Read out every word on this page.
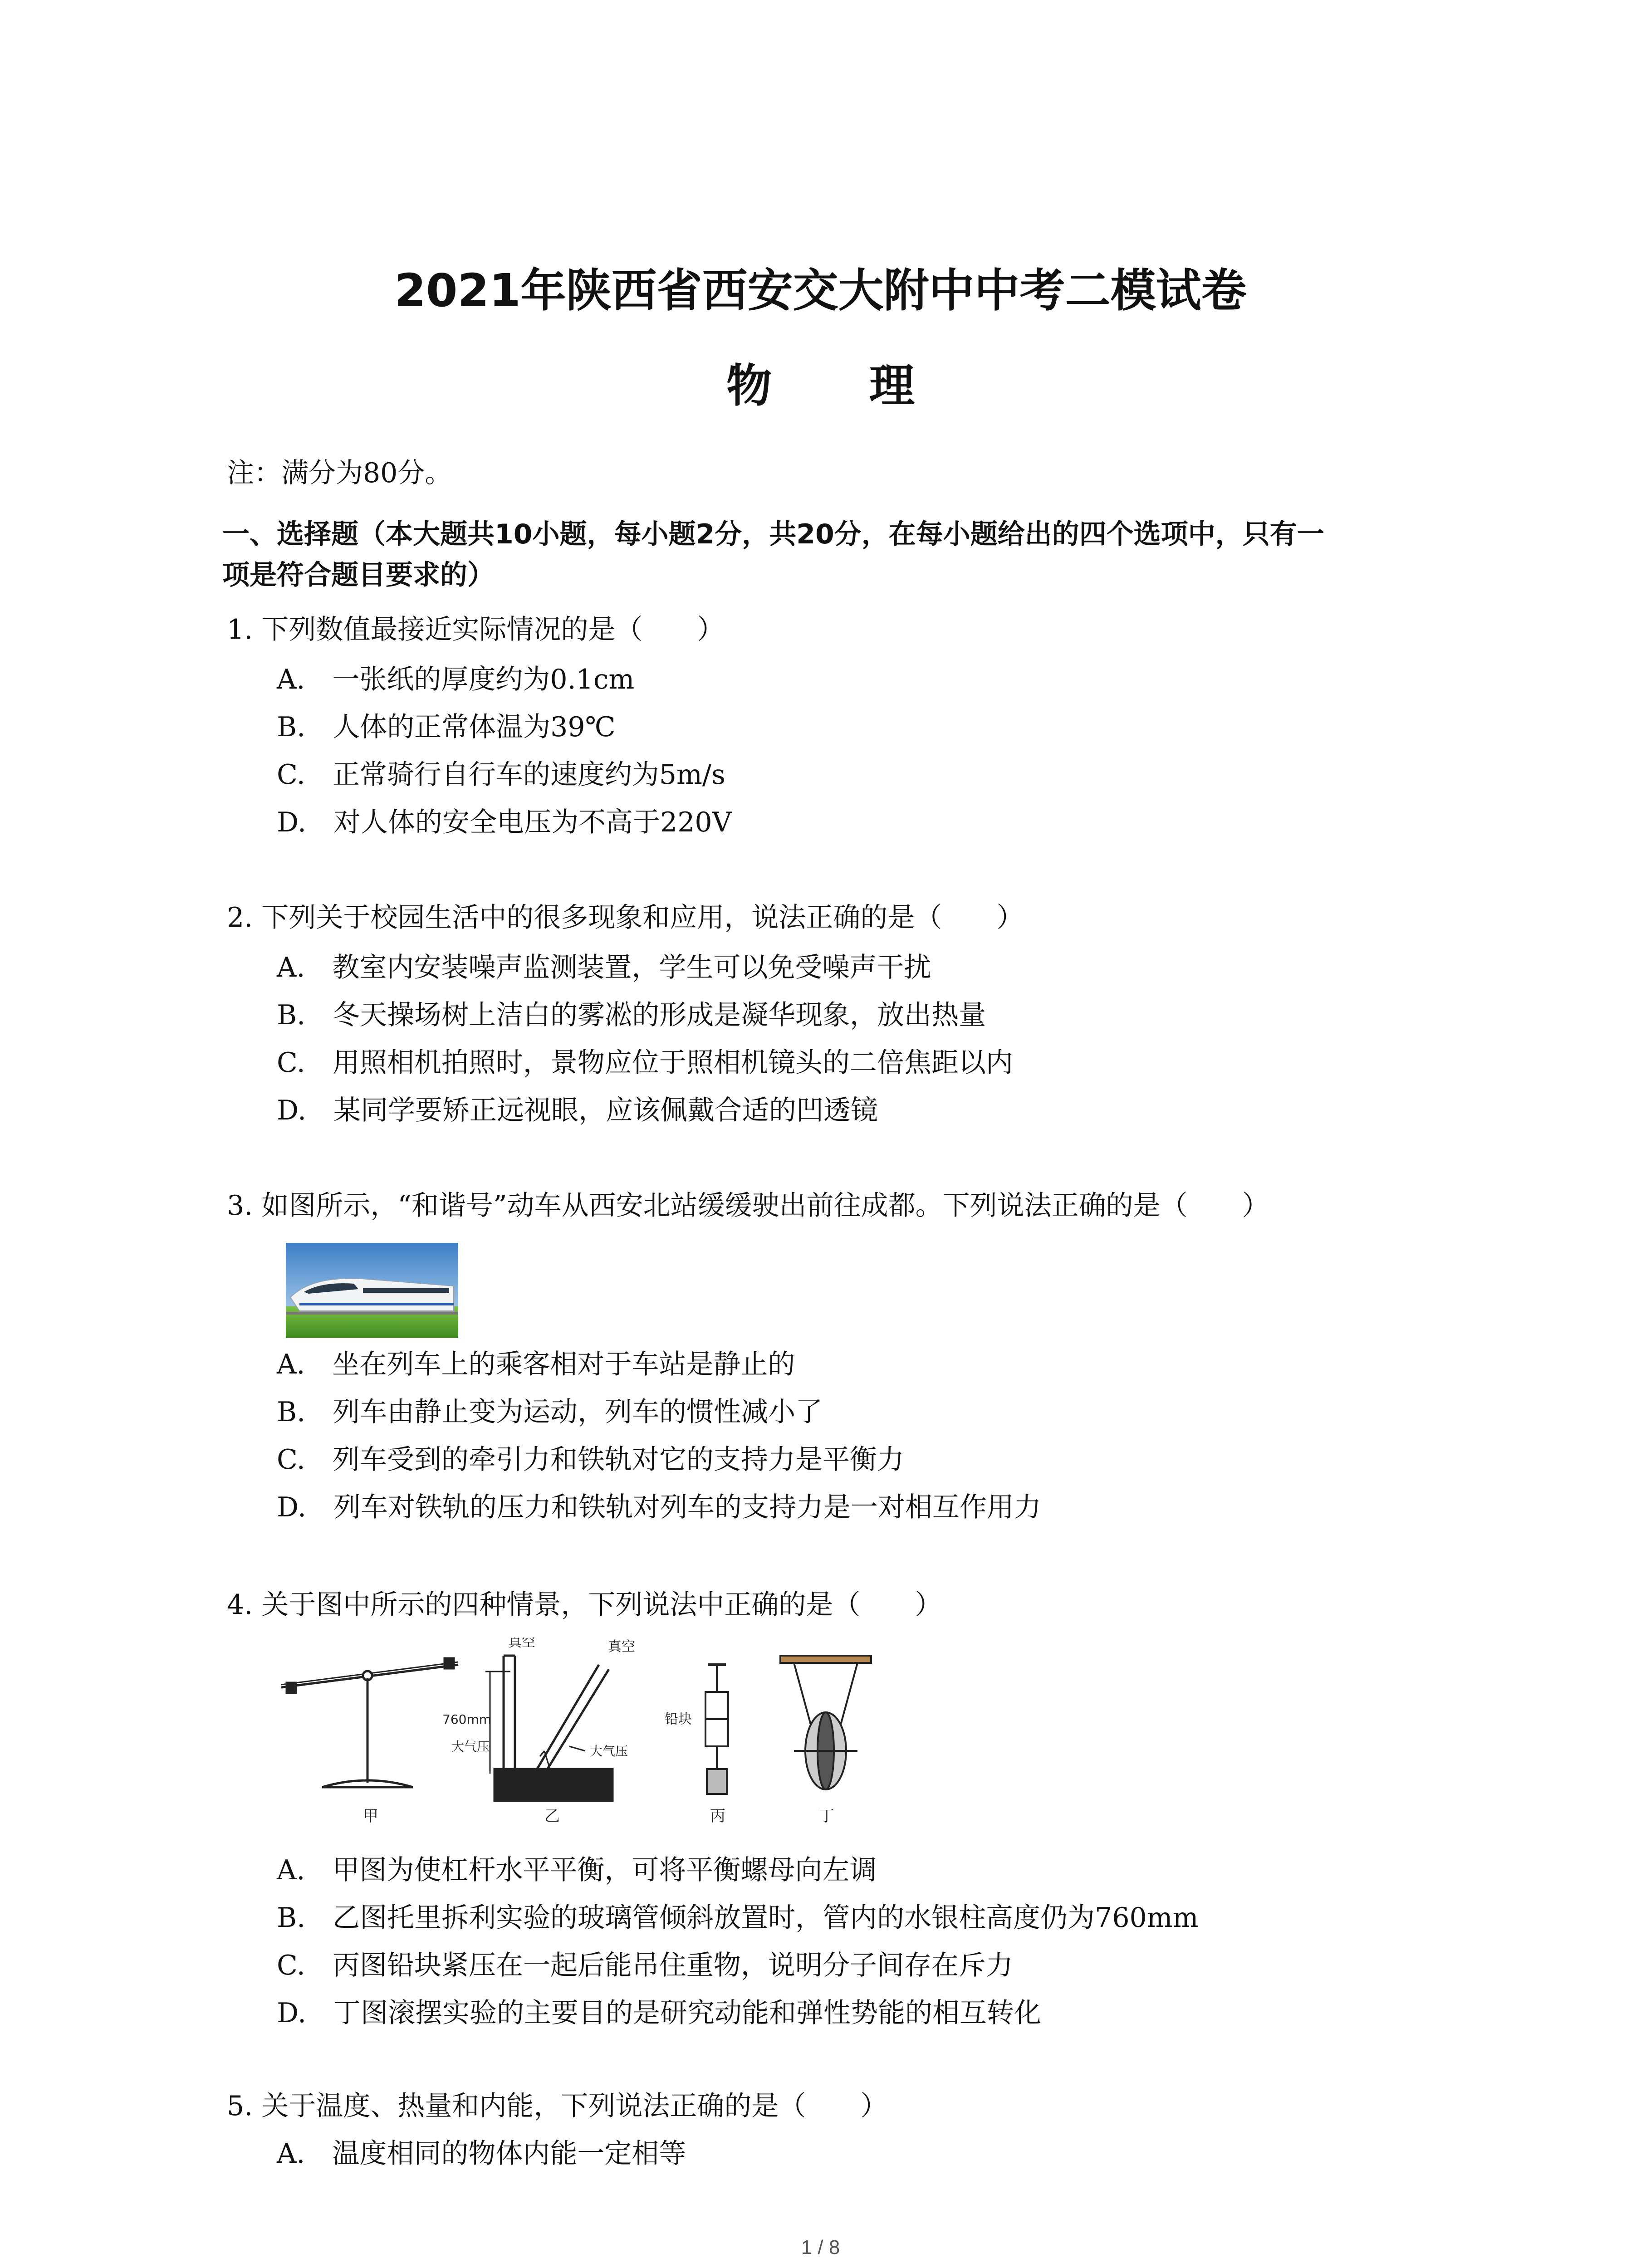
2021年陕西省西安交大附中中考二模试卷
物 理
注：满分为80分。
一、选择题（本大题共10小题，每小题2分，共20分，在每小题给出的四个选项中，只有一
项是符合题目要求的）
1. 下列数值最接近实际情况的是（　　）
A.　一张纸的厚度约为0.1cm
B.　人体的正常体温为39℃
C.　正常骑行自行车的速度约为5m/s
D.　对人体的安全电压为不高于220V
2. 下列关于校园生活中的很多现象和应用，说法正确的是（　　）
A.　教室内安装噪声监测装置，学生可以免受噪声干扰
B.　冬天操场树上洁白的雾凇的形成是凝华现象，放出热量
C.　用照相机拍照时，景物应位于照相机镜头的二倍焦距以内
D.　某同学要矫正远视眼，应该佩戴合适的凹透镜
3. 如图所示，“和谐号”动车从西安北站缓缓驶出前往成都。下列说法正确的是（　　）
A.　坐在列车上的乘客相对于车站是静止的
B.　列车由静止变为运动，列车的惯性减小了
C.　列车受到的牵引力和铁轨对它的支持力是平衡力
D.　列车对铁轨的压力和铁轨对列车的支持力是一对相互作用力
4. 关于图中所示的四种情景，下列说法中正确的是（　　）
甲
真空	真空
760mm
大气压	大气压
乙
铅块
丙	丁
A.　甲图为使杠杆水平平衡，可将平衡螺母向左调
B.　乙图托里拆利实验的玻璃管倾斜放置时，管内的水银柱高度仍为760mm
C.　丙图铅块紧压在一起后能吊住重物，说明分子间存在斥力
D.　丁图滚摆实验的主要目的是研究动能和弹性势能的相互转化
5. 关于温度、热量和内能，下列说法正确的是（　　）
A.　温度相同的物体内能一定相等
1 / 8
